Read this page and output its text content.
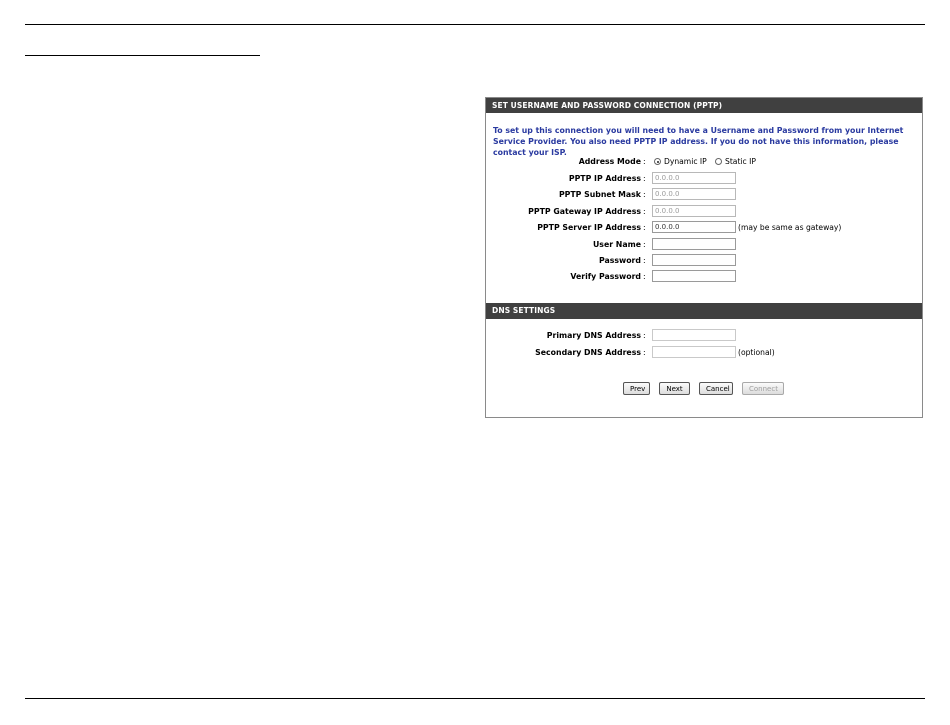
SET USERNAME AND PASSWORD CONNECTION (PPTP)
To set up this connection you will need to have a Username and Password from your Internet Service Provider. You also need PPTP IP address. If you do not have this information, please contact your ISP.
Address Mode : Dynamic IP Static IP
PPTP IP Address :
0.0.0.0
PPTP Subnet Mask :
0.0.0.0
PPTP Gateway IP Address :
0.0.0.0
PPTP Server IP Address :
0.0.0.0	(may be same as gateway)
User Name :
Password :
Verify Password :
DNS SETTINGS
Primary DNS Address :
Secondary DNS Address :	(optional)
Prev	Next	Cancel	Connect
